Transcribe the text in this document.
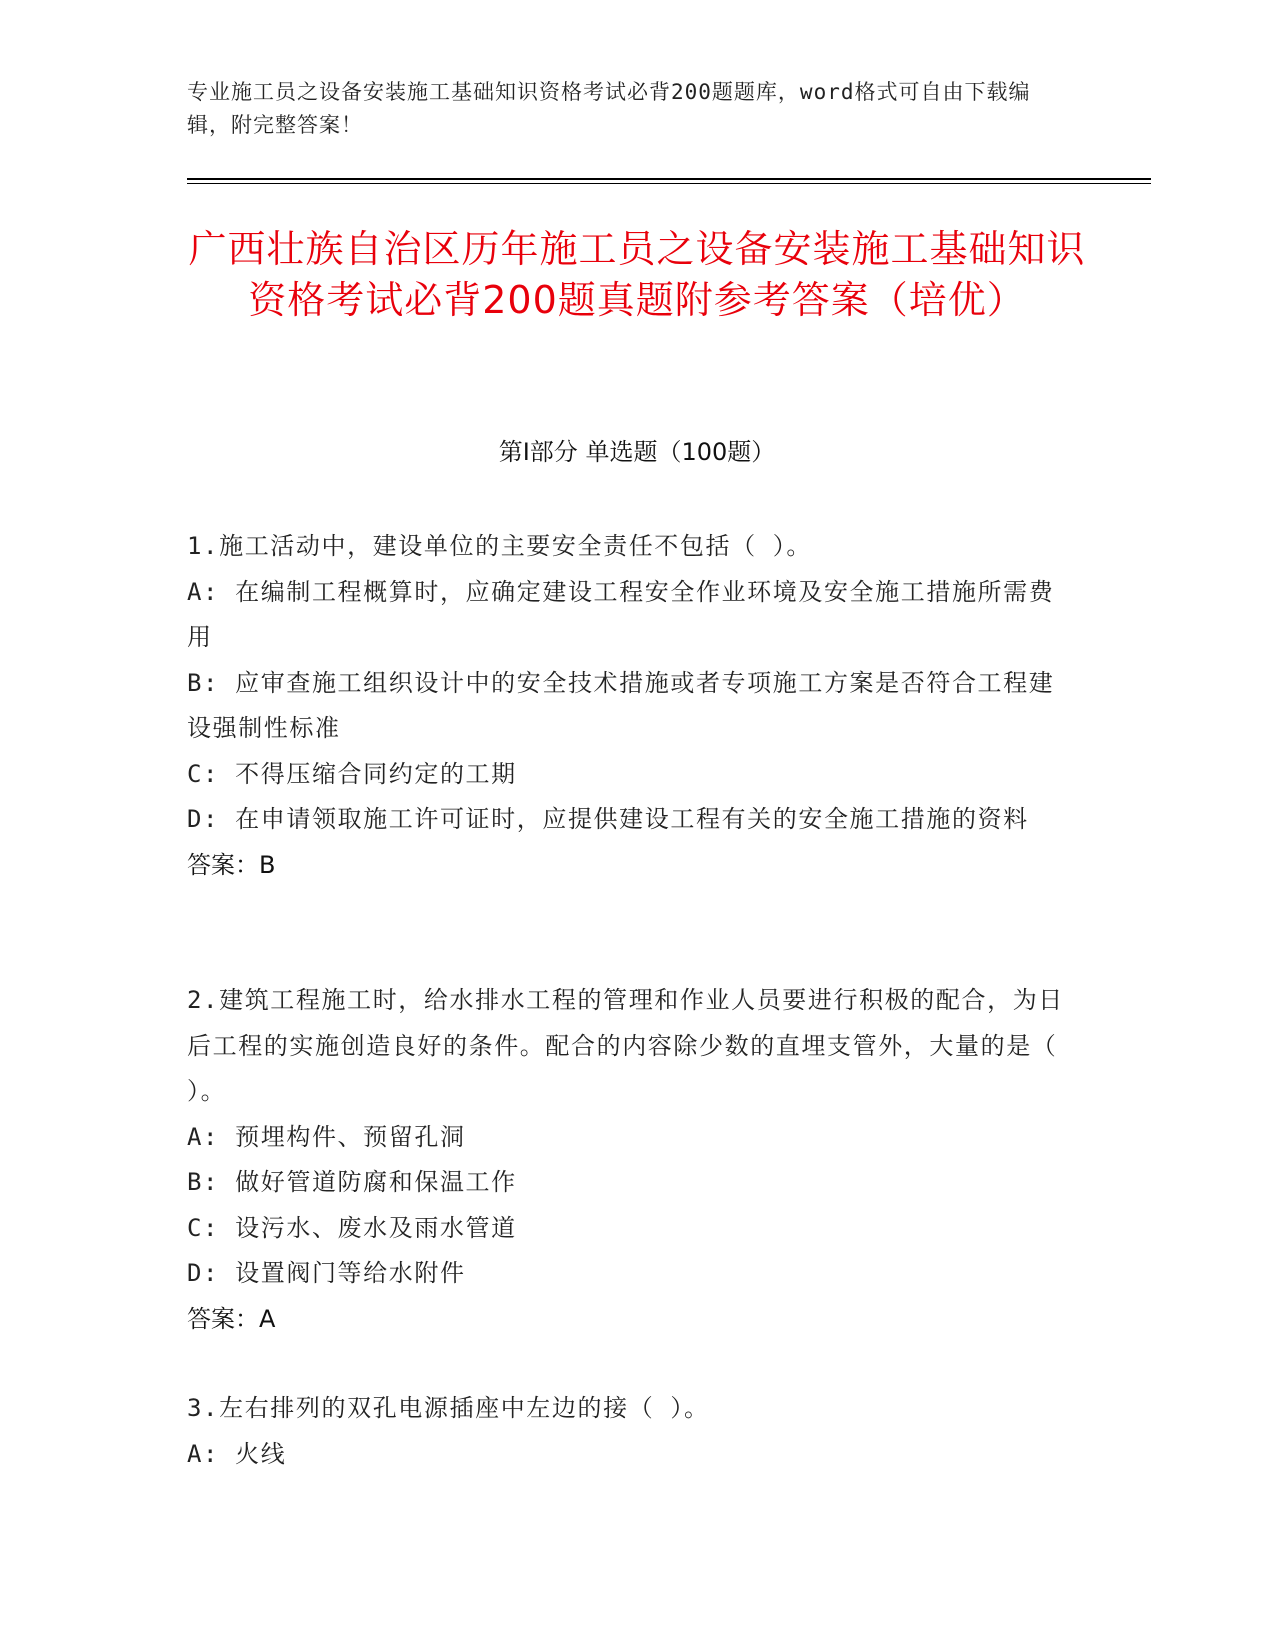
专业施工员之设备安装施工基础知识资格考试必背200题题库，word格式可自由下载编辑，附完整答案！
广西壮族自治区历年施工员之设备安装施工基础知识资格考试必背200题真题附参考答案（培优）
第Ⅰ部分 单选题（100题）
1.施工活动中，建设单位的主要安全责任不包括（ ）。
A: 在编制工程概算时，应确定建设工程安全作业环境及安全施工措施所需费用
B: 应审查施工组织设计中的安全技术措施或者专项施工方案是否符合工程建设强制性标准
C: 不得压缩合同约定的工期
D: 在申请领取施工许可证时，应提供建设工程有关的安全施工措施的资料
答案：B
2.建筑工程施工时，给水排水工程的管理和作业人员要进行积极的配合，为日后工程的实施创造良好的条件。配合的内容除少数的直埋支管外，大量的是（ ）。
A: 预埋构件、预留孔洞
B: 做好管道防腐和保温工作
C: 设污水、废水及雨水管道
D: 设置阀门等给水附件
答案：A
3.左右排列的双孔电源插座中左边的接（ ）。
A: 火线
